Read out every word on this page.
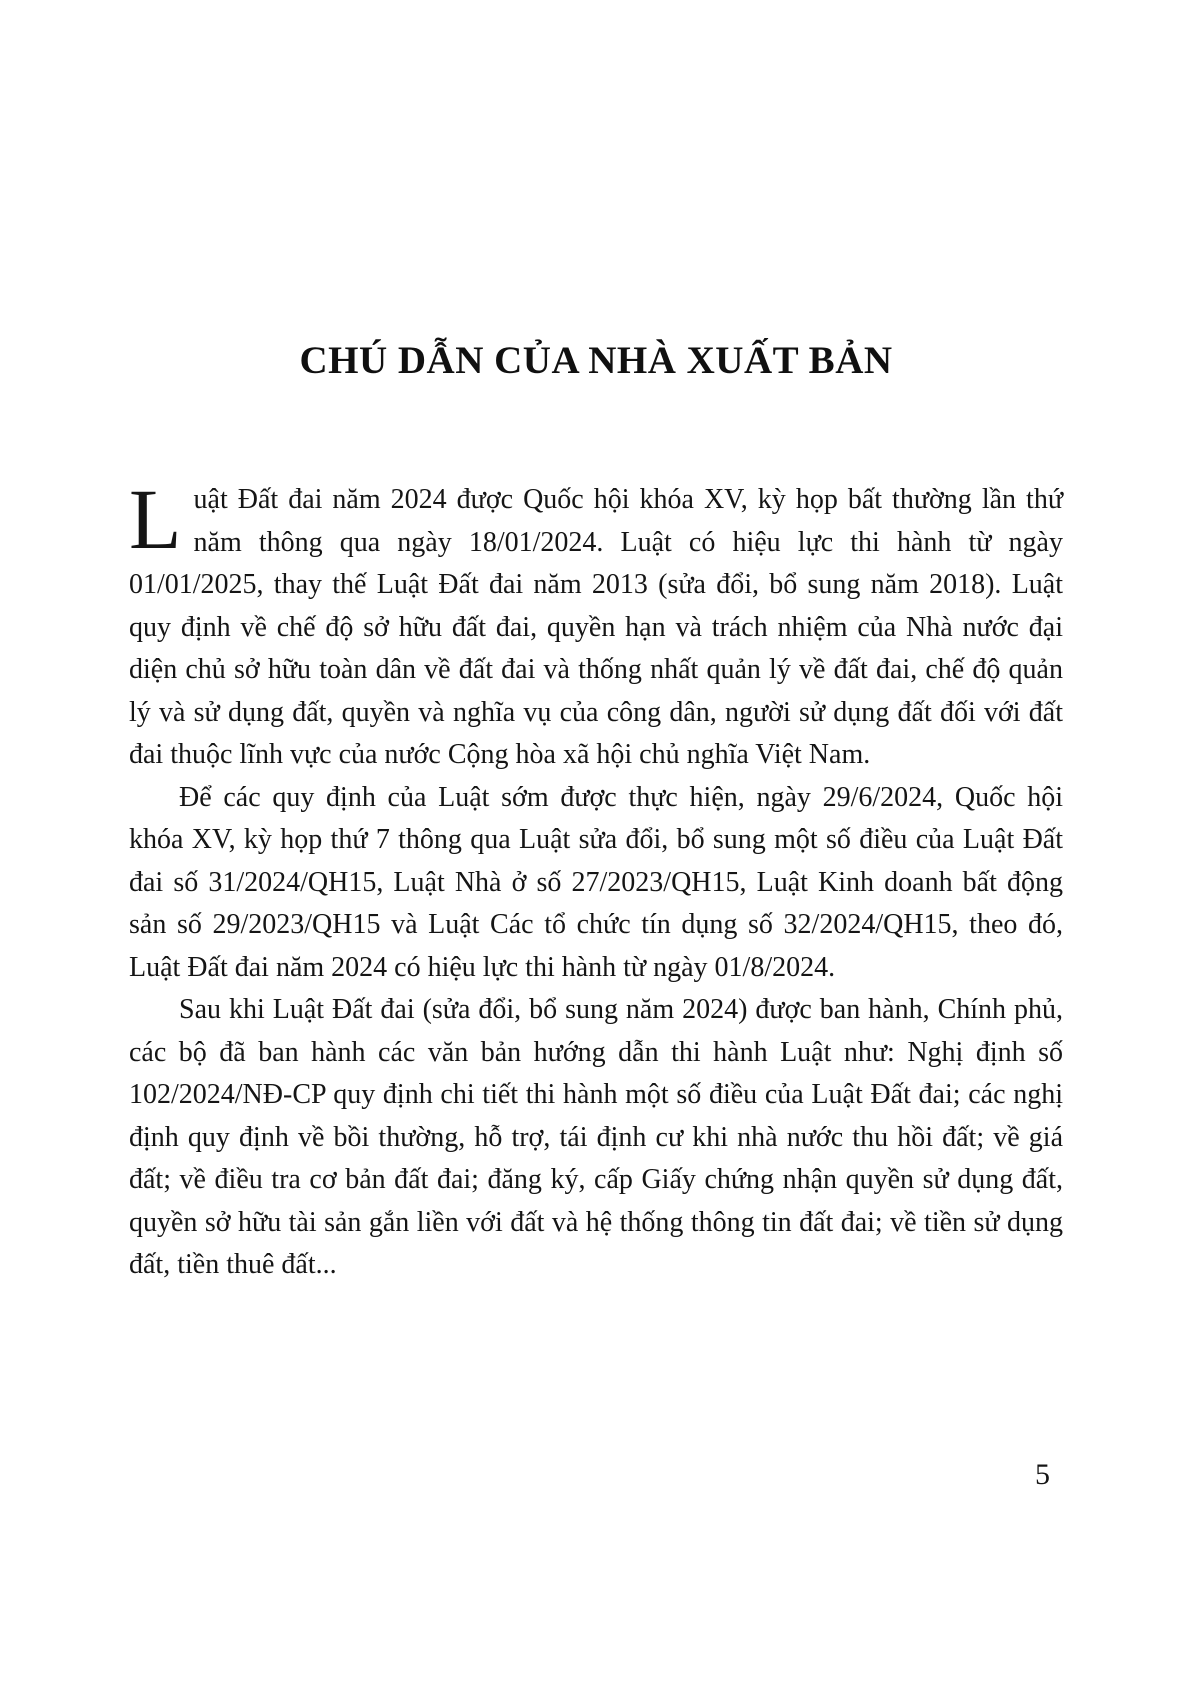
CHÚ DẪN CỦA NHÀ XUẤT BẢN

Luật Đất đai năm 2024 được Quốc hội khóa XV, kỳ họp bất thường lần thứ năm thông qua ngày 18/01/2024. Luật có hiệu lực thi hành từ ngày 01/01/2025, thay thế Luật Đất đai năm 2013 (sửa đổi, bổ sung năm 2018). Luật quy định về chế độ sở hữu đất đai, quyền hạn và trách nhiệm của Nhà nước đại diện chủ sở hữu toàn dân về đất đai và thống nhất quản lý về đất đai, chế độ quản lý và sử dụng đất, quyền và nghĩa vụ của công dân, người sử dụng đất đối với đất đai thuộc lĩnh vực của nước Cộng hòa xã hội chủ nghĩa Việt Nam.

Để các quy định của Luật sớm được thực hiện, ngày 29/6/2024, Quốc hội khóa XV, kỳ họp thứ 7 thông qua Luật sửa đổi, bổ sung một số điều của Luật Đất đai số 31/2024/QH15, Luật Nhà ở số 27/2023/QH15, Luật Kinh doanh bất động sản số 29/2023/QH15 và Luật Các tổ chức tín dụng số 32/2024/QH15, theo đó, Luật Đất đai năm 2024 có hiệu lực thi hành từ ngày 01/8/2024.

Sau khi Luật Đất đai (sửa đổi, bổ sung năm 2024) được ban hành, Chính phủ, các bộ đã ban hành các văn bản hướng dẫn thi hành Luật như: Nghị định số 102/2024/NĐ-CP quy định chi tiết thi hành một số điều của Luật Đất đai; các nghị định quy định về bồi thường, hỗ trợ, tái định cư khi nhà nước thu hồi đất; về giá đất; về điều tra cơ bản đất đai; đăng ký, cấp Giấy chứng nhận quyền sử dụng đất, quyền sở hữu tài sản gắn liền với đất và hệ thống thông tin đất đai; về tiền sử dụng đất, tiền thuê đất...

5
